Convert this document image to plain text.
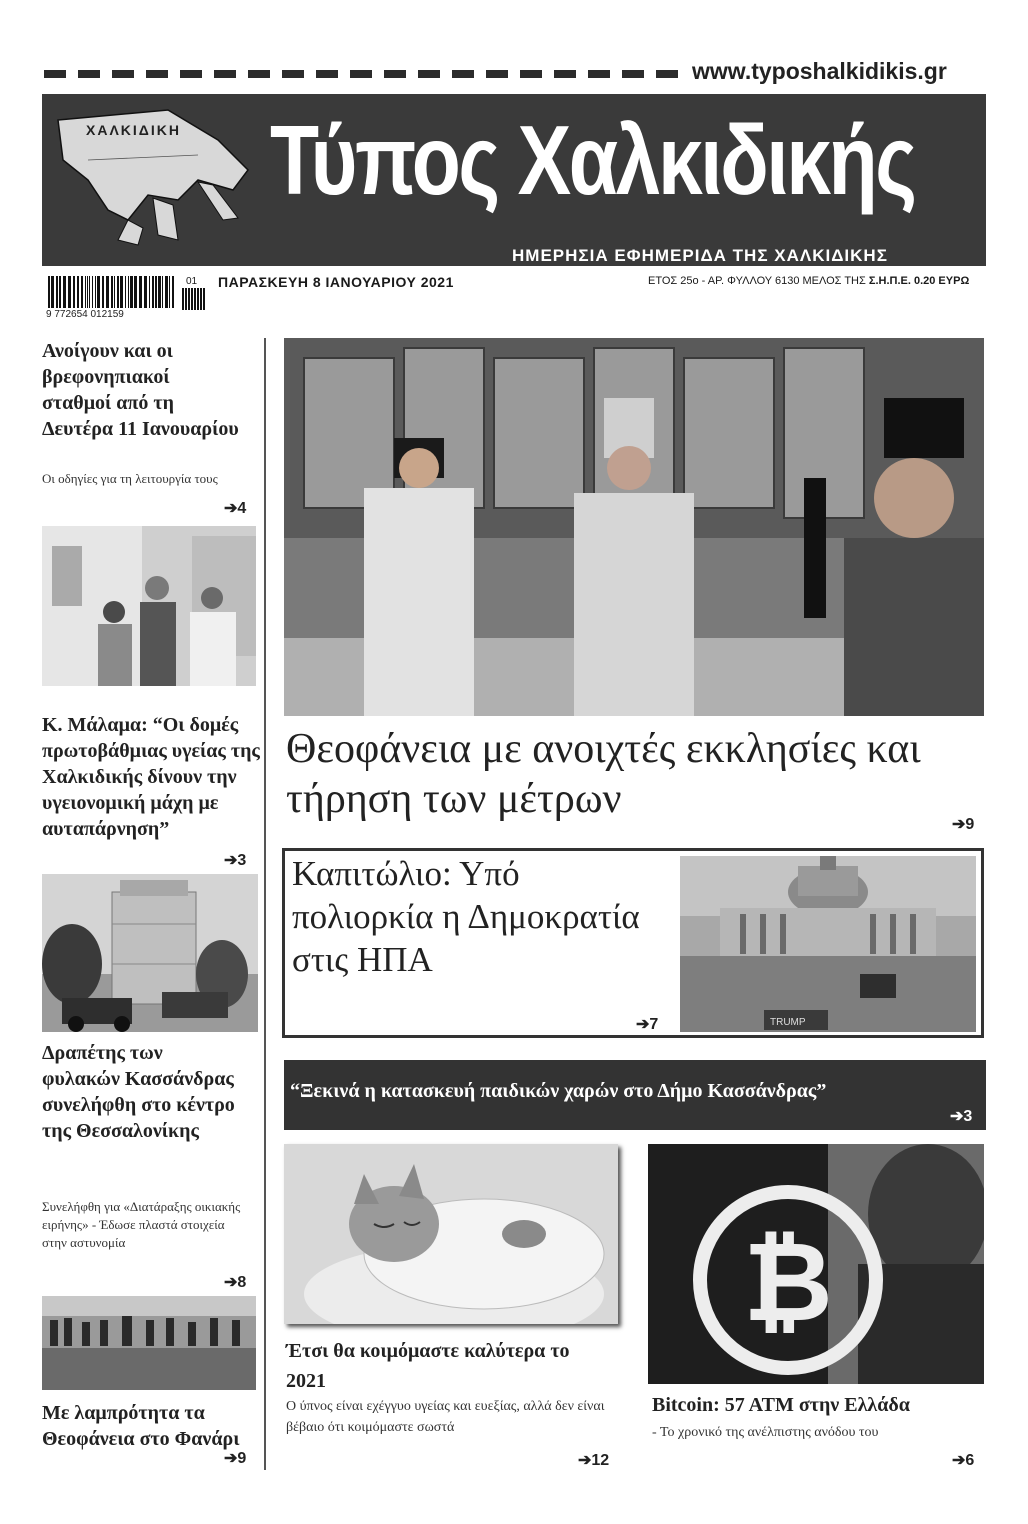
www.typoshalkidikis.gr
ΧΑΛΚΙΔΙΚΗ Τύπος Χαλκιδικής
ΗΜΕΡΗΣΙΑ ΕΦΗΜΕΡΙΔΑ ΤΗΣ ΧΑΛΚΙΔΙΚΗΣ
9 772654 012159
01 ΠΑΡΑΣΚΕΥΗ 8 ΙΑΝΟΥΑΡΙΟΥ 2021	ΕΤΟΣ 25ο - ΑΡ. ΦΥΛΛΟΥ 6130 ΜΕΛΟΣ ΤΗΣ Σ.Η.Π.Ε. 0.20 ΕΥΡΩ
Ανοίγουν και οι βρεφονηπιακοί σταθμοί από τη Δευτέρα 11 Ιανουαρίου
Οι οδηγίες για τη λειτουργία τους
➔4
Κ. Μάλαμα: “Οι δομές πρωτοβάθμιας υγείας της Χαλκιδικής δίνουν την υγειονομική μάχη με αυταπάρνηση”
➔3
Δραπέτης των φυλακών Κασσάνδρας συνελήφθη στο κέντρο της Θεσσαλονίκης
Συνελήφθη για «Διατάραξης οικιακής ειρήνης» - Έδωσε πλαστά στοιχεία στην αστυνομία
➔8
Με λαμπρότητα τα Θεοφάνεια στο Φανάρι
➔9
Θεοφάνεια με ανοιχτές εκκλησίες και τήρηση των μέτρων
➔9
Καπιτώλιο: Υπό πολιορκία η Δημοκρατία στις ΗΠΑ
➔7	TRUMP
“Ξεκινά η κατασκευή παιδικών χαρών στο Δήμο Κασσάνδρας”
➔3
Έτσι θα κοιμόμαστε καλύτερα το 2021
Ο ύπνος είναι εχέγγυο υγείας και ευεξίας, αλλά δεν είναι βέβαιο ότι κοιμόμαστε σωστά
➔12
₿
Bitcoin: 57 ATM στην Ελλάδα
- Το χρονικό της ανέλπιστης ανόδου του
➔6
